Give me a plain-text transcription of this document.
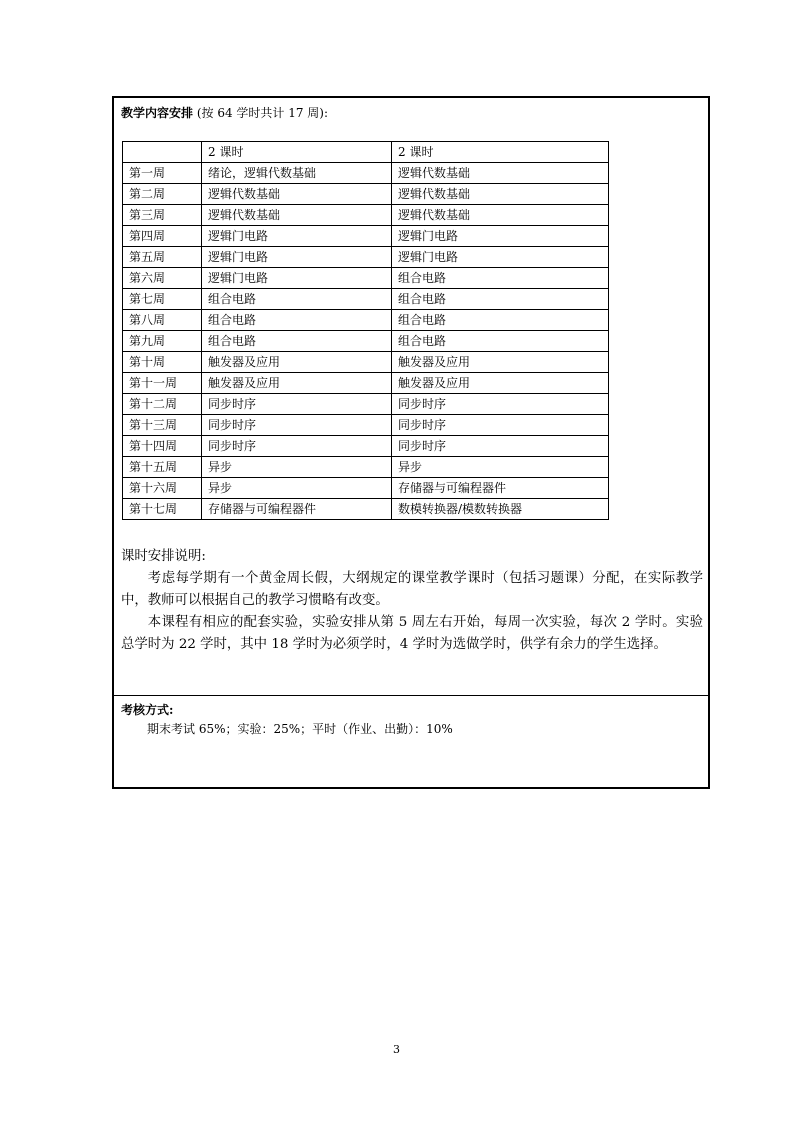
教学内容安排 (按 64 学时共计 17 周):
	2 课时	2 课时
第一周	绪论，逻辑代数基础	逻辑代数基础
第二周	逻辑代数基础	逻辑代数基础
第三周	逻辑代数基础	逻辑代数基础
第四周	逻辑门电路	逻辑门电路
第五周	逻辑门电路	逻辑门电路
第六周	逻辑门电路	组合电路
第七周	组合电路	组合电路
第八周	组合电路	组合电路
第九周	组合电路	组合电路
第十周	触发器及应用	触发器及应用
第十一周	触发器及应用	触发器及应用
第十二周	同步时序	同步时序
第十三周	同步时序	同步时序
第十四周	同步时序	同步时序
第十五周	异步	异步
第十六周	异步	存储器与可编程器件
第十七周	存储器与可编程器件	数模转换器/模数转换器

课时安排说明:

考虑每学期有一个黄金周长假，大纲规定的课堂教学课时（包括习题课）分配，在实际教学中，教师可以根据自己的教学习惯略有改变。

本课程有相应的配套实验，实验安排从第 5 周左右开始，每周一次实验，每次 2 学时。实验总学时为 22 学时，其中 18 学时为必须学时，4 学时为选做学时，供学有余力的学生选择。

考核方式:
期末考试 65%；实验：25%；平时（作业、出勤）：10%
3
